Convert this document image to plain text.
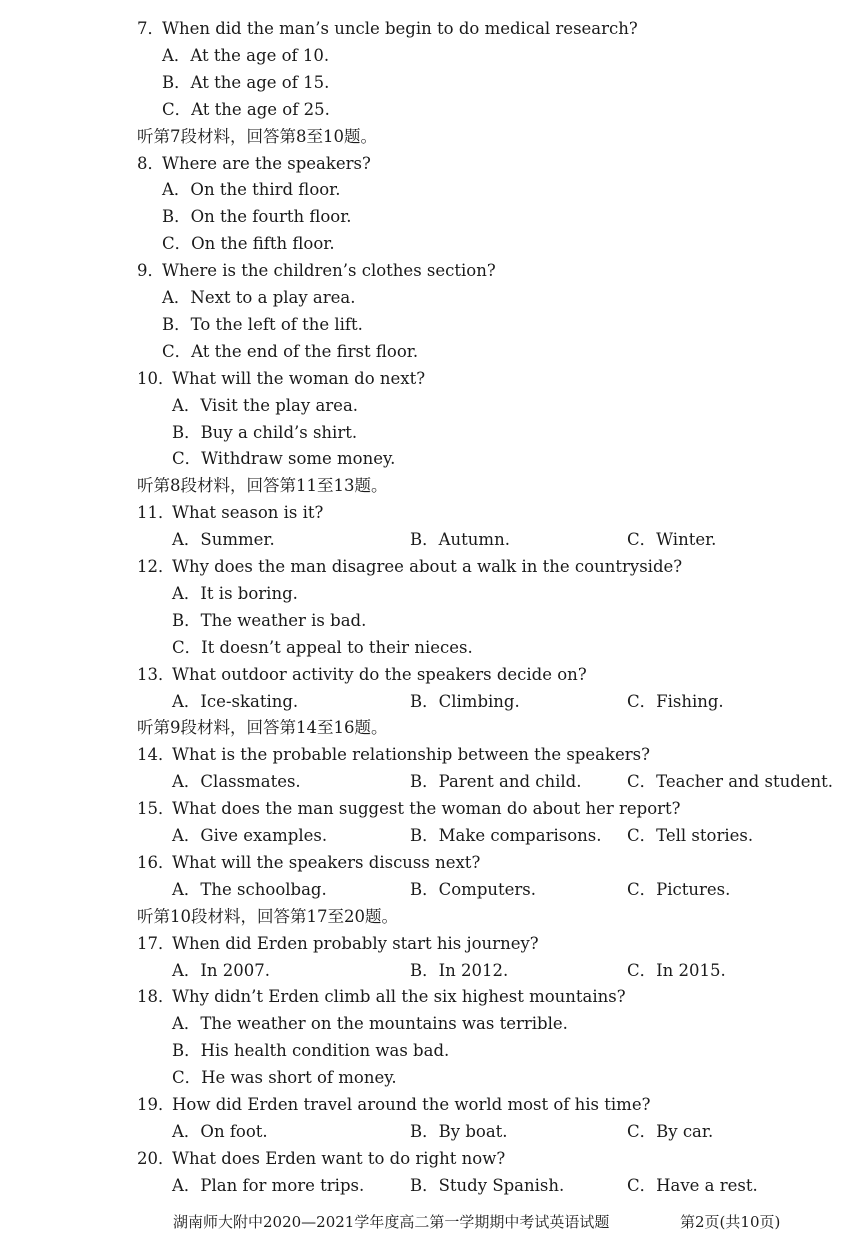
7．
When did the man’s uncle begin to do medical research?
A．At the age of 10.
B．At the age of 15.
C．At the age of 25.
听第7段材料，回答第8至10题。
8．
Where are the speakers?
A．On the third floor.
B．On the fourth floor.
C．On the fifth floor.
9．
Where is the children’s clothes section?
A．Next to a play area.
B．To the left of the lift.
C．At the end of the first floor.
10．
What will the woman do next?
A．Visit the play area.
B．Buy a child’s shirt.
C．Withdraw some money.
听第8段材料，回答第11至13题。
11．
What season is it?
A．Summer.	B．Autumn.	C．Winter.
12．
Why does the man disagree about a walk in the countryside?
A．It is boring.
B．The weather is bad.
C．It doesn’t appeal to their nieces.
13．
What outdoor activity do the speakers decide on?
A．Ice-skating.	B．Climbing.	C．Fishing.
听第9段材料，回答第14至16题。
14．
What is the probable relationship between the speakers?
A．Classmates.	B．Parent and child.	C．Teacher and student.
15．
What does the man suggest the woman do about her report?
A．Give examples.	B．Make comparisons. C．Tell stories.
16．
What will the speakers discuss next?
A．The schoolbag.	B．Computers.	C．Pictures.
听第10段材料，回答第17至20题。
17．
When did Erden probably start his journey?
A．In 2007.	B．In 2012.	C．In 2015.
18．
Why didn’t Erden climb all the six highest mountains?
A．The weather on the mountains was terrible.
B．His health condition was bad.
C．He was short of money.
19．
How did Erden travel around the world most of his time?
A．On foot.	B．By boat.	C．By car.
20．
What does Erden want to do right now?
A．Plan for more trips.	B．Study Spanish.	C．Have a rest.
湖南师大附中2020—2021学年度高二第一学期期中考试英语试题	第2页(共10页)
